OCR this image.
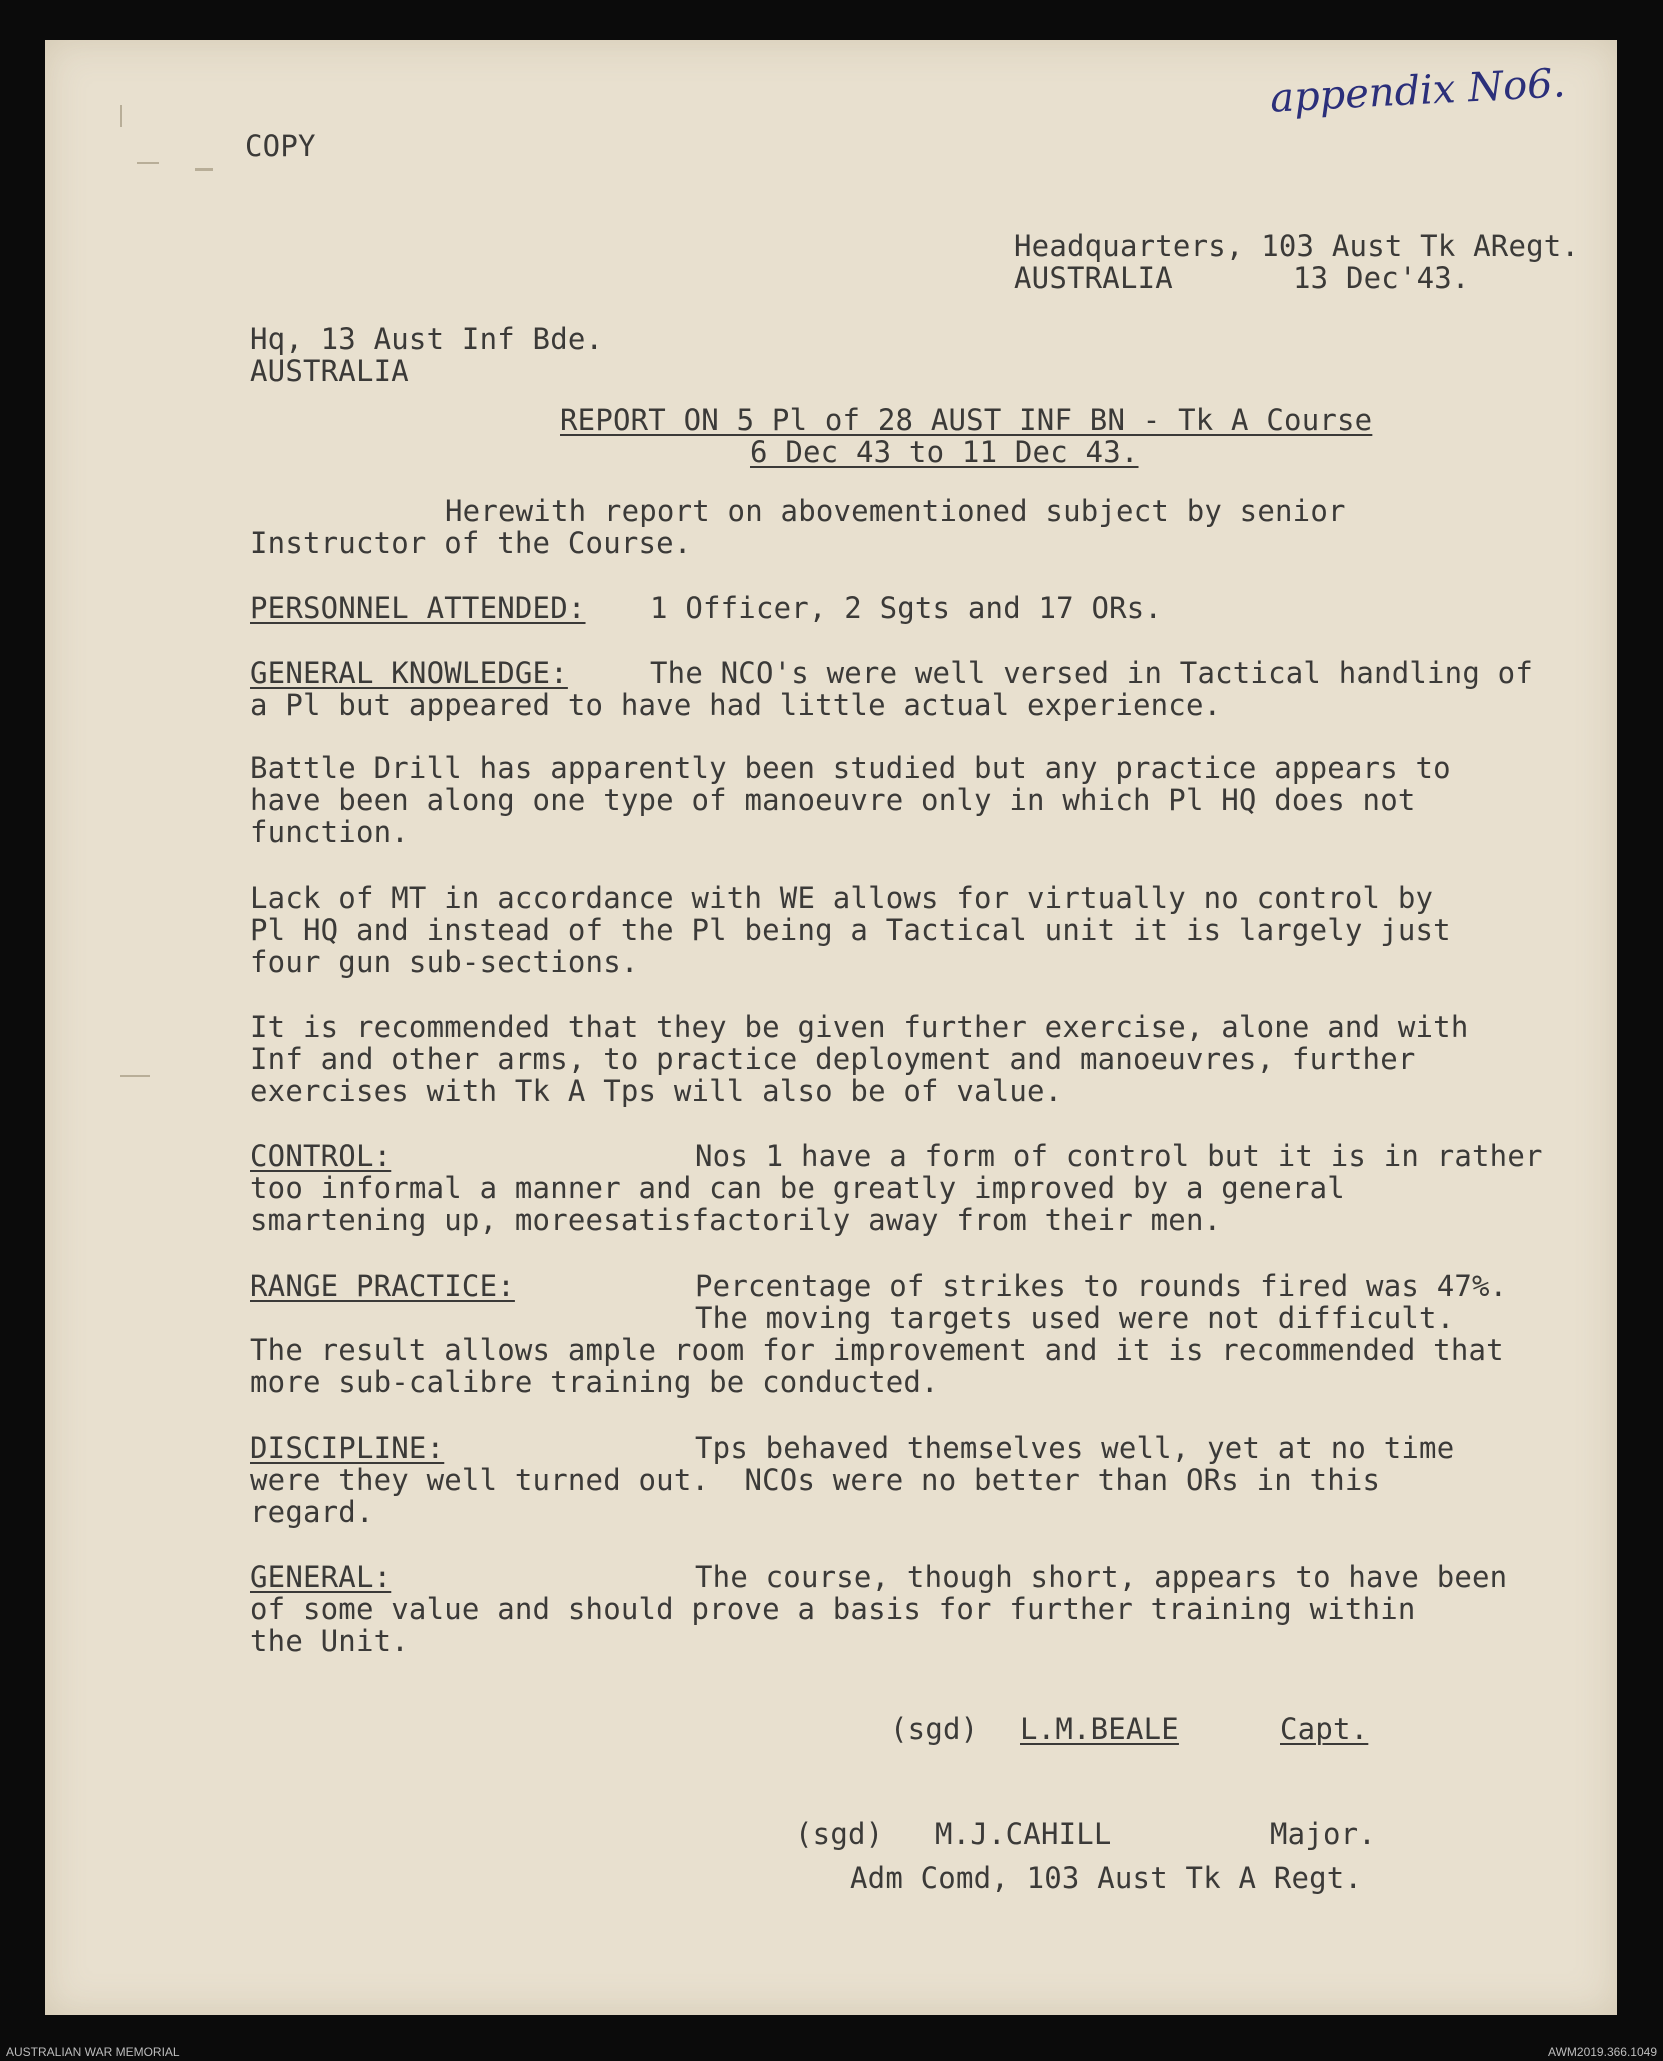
appendix No6.
COPY
Headquarters, 103 Aust Tk ARegt.
AUSTRALIA	13 Dec'43.
Hq, 13 Aust Inf Bde.
AUSTRALIA
REPORT ON 5 Pl of 28 AUST INF BN - Tk A Course
6 Dec 43 to 11 Dec 43.
Herewith report on abovementioned subject by senior
Instructor of the Course.
PERSONNEL ATTENDED: 1 Officer, 2 Sgts and 17 ORs.
GENERAL KNOWLEDGE:	The NCO's were well versed in Tactical handling of
a Pl but appeared to have had little actual experience.
Battle Drill has apparently been studied but any practice appears to
have been along one type of manoeuvre only in which Pl HQ does not
function.
Lack of MT in accordance with WE allows for virtually no control by
Pl HQ and instead of the Pl being a Tactical unit it is largely just
four gun sub-sections.
It is recommended that they be given further exercise, alone and with
Inf and other arms, to practice deployment and manoeuvres, further
exercises with Tk A Tps will also be of value.
CONTROL:	Nos 1 have a form of control but it is in rather
too informal a manner and can be greatly improved by a general
smartening up, moreesatisfactorily away from their men.
RANGE PRACTICE:	Percentage of strikes to rounds fired was 47%.
The moving targets used were not difficult.
The result allows ample room for improvement and it is recommended that
more sub-calibre training be conducted.
DISCIPLINE:	Tps behaved themselves well, yet at no time
were they well turned out.  NCOs were no better than ORs in this
regard.
GENERAL:	The course, though short, appears to have been
of some value and should prove a basis for further training within
the Unit.
(sgd) L.M.BEALE	Capt.
(sgd) M.J.CAHILL	Major.
Adm Comd, 103 Aust Tk A Regt.
AUSTRALIAN WAR MEMORIAL	AWM2019.366.1049
